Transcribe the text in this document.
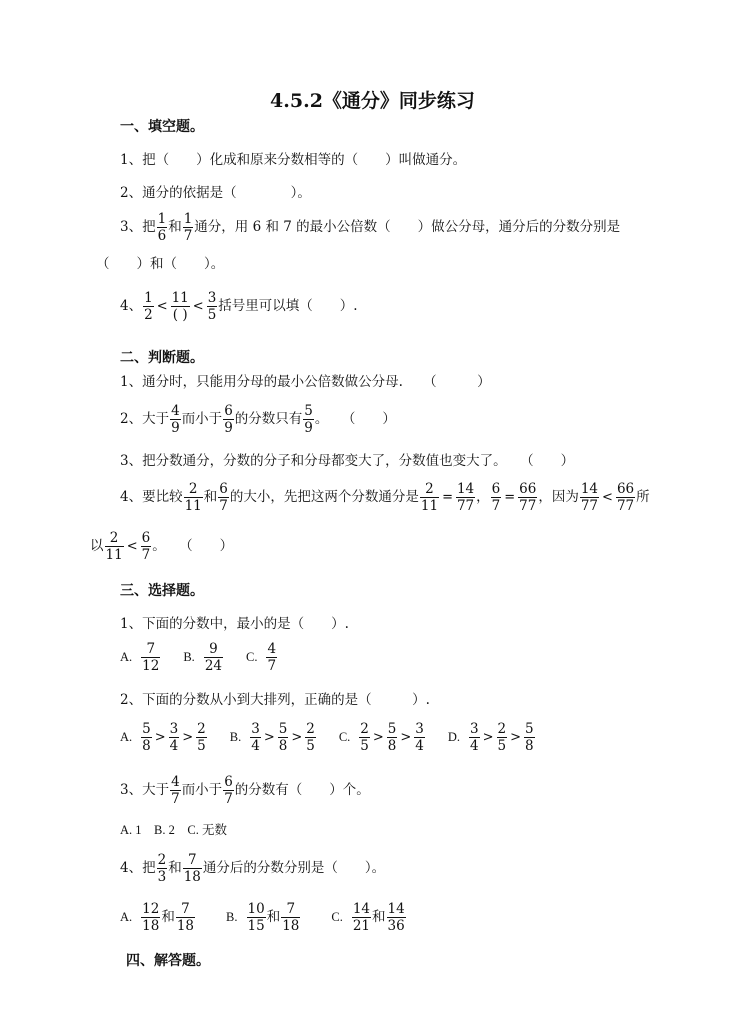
4.5.2《通分》同步练习
一、填空题。
1、把（　　）化成和原来分数相等的（　　）叫做通分。
2、通分的依据是（　　　　）。
3、把 $\frac{1}{6}$ 和 $\frac{1}{7}$ 通分，用 6 和 7 的最小公倍数（　　）做公分母，通分后的分数分别是
（　　）和（　　）。
4、 $\frac{1}{2}$ <
11
( )
< $\frac{3}{5}$ 括号里可以填（　　）.
二、判断题。
1、通分时，只能用分母的最小公倍数做公分母.　　（　　　）
2、大于 $\frac{4}{9}$ 而小于 $\frac{6}{9}$ 的分数只有 $\frac{5}{9}$ 。　　（　　）
3、把分数通分，分数的分子和分母都变大了，分数值也变大了。　　（　　）
4、要比较 $\frac{2}{11}$ 和 $\frac{6}{7}$ 的大小，先把这两个分数通分是 $\frac{2}{11} = \frac{14}{77}$ ， $\frac{6}{7} = \frac{66}{77}$ ，因为 $\frac{14}{77} < \frac{66}{77}$ 所
以 $\frac{2}{11} < \frac{6}{7}$ 。　　（　　）
三、选择题。
1、下面的分数中，最小的是（　　）.
A. $\frac{7}{12} B$. $\frac{9}{24} C$. $\frac{4}{7}$
2、下面的分数从小到大排列，正确的是（　　　）.
A. $\frac{5}{8} > \frac{3}{4} > \frac{2}{5} B$. $\frac{3}{4} > \frac{5}{8} > \frac{2}{5} C$. $\frac{2}{5} > \frac{5}{8} > \frac{3}{4} D$. $\frac{3}{4} > \frac{2}{5} > \frac{5}{8}$
3、大于 $\frac{4}{7}$ 而小于 $\frac{6}{7}$ 的分数有（　　）个。
A. 1　B. 2　C. 无数
4、把 $\frac{2}{3}$ 和 $\frac{7}{18}$ 通分后的分数分别是（　　）。
A. $\frac{12}{18}$ 和 $\frac{7}{18} B$. $\frac{10}{15}$ 和 $\frac{7}{18} C$. $\frac{14}{21}$ 和 $\frac{14}{36}$
四、解答题。
